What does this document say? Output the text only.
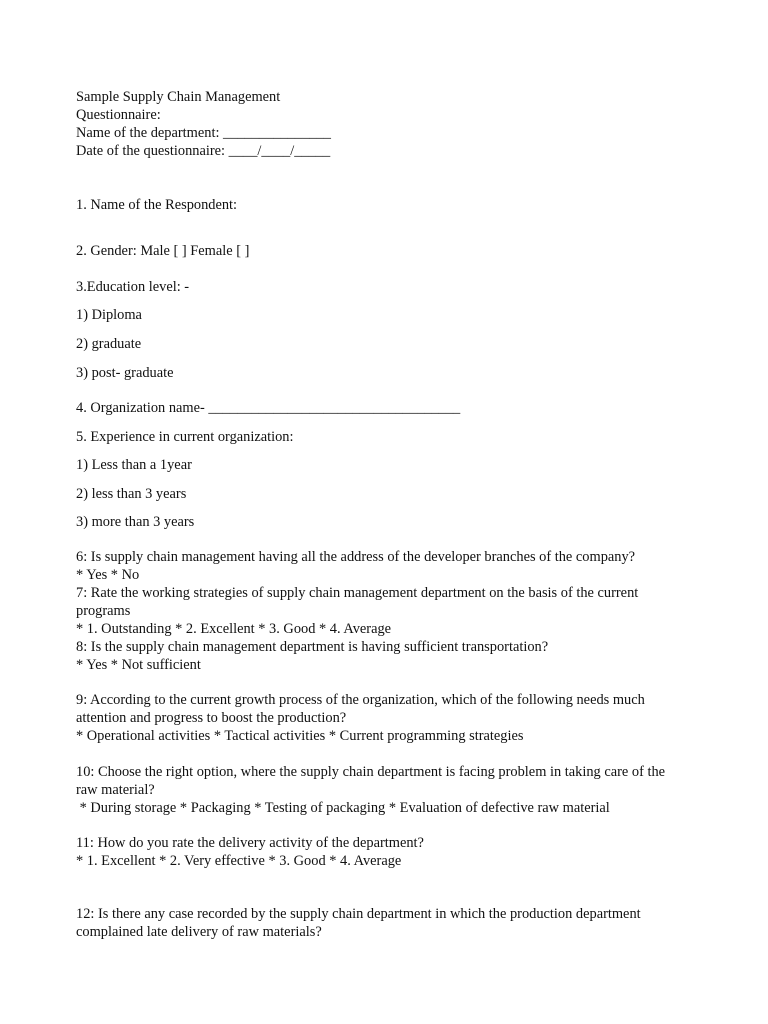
Sample Supply Chain Management
Questionnaire:
Name of the department: _______________
Date of the questionnaire: ____/____/_____
1. Name of the Respondent:
2. Gender: Male [ ] Female [ ]
3.Education level: -
1) Diploma
2) graduate
3) post- graduate
4. Organization name- ___________________________________
5. Experience in current organization:
1) Less than a 1year
2) less than 3 years
3) more than 3 years
6: Is supply chain management having all the address of the developer branches of the company?
* Yes * No
7: Rate the working strategies of supply chain management department on the basis of the current
programs
* 1. Outstanding * 2. Excellent * 3. Good * 4. Average
8: Is the supply chain management department is having sufficient transportation?
* Yes * Not sufficient
9: According to the current growth process of the organization, which of the following needs much
attention and progress to boost the production?
* Operational activities * Tactical activities * Current programming strategies
10: Choose the right option, where the supply chain department is facing problem in taking care of the
raw material?
* During storage * Packaging * Testing of packaging * Evaluation of defective raw material
11: How do you rate the delivery activity of the department?
* 1. Excellent * 2. Very effective * 3. Good * 4. Average
12: Is there any case recorded by the supply chain department in which the production department
complained late delivery of raw materials?
